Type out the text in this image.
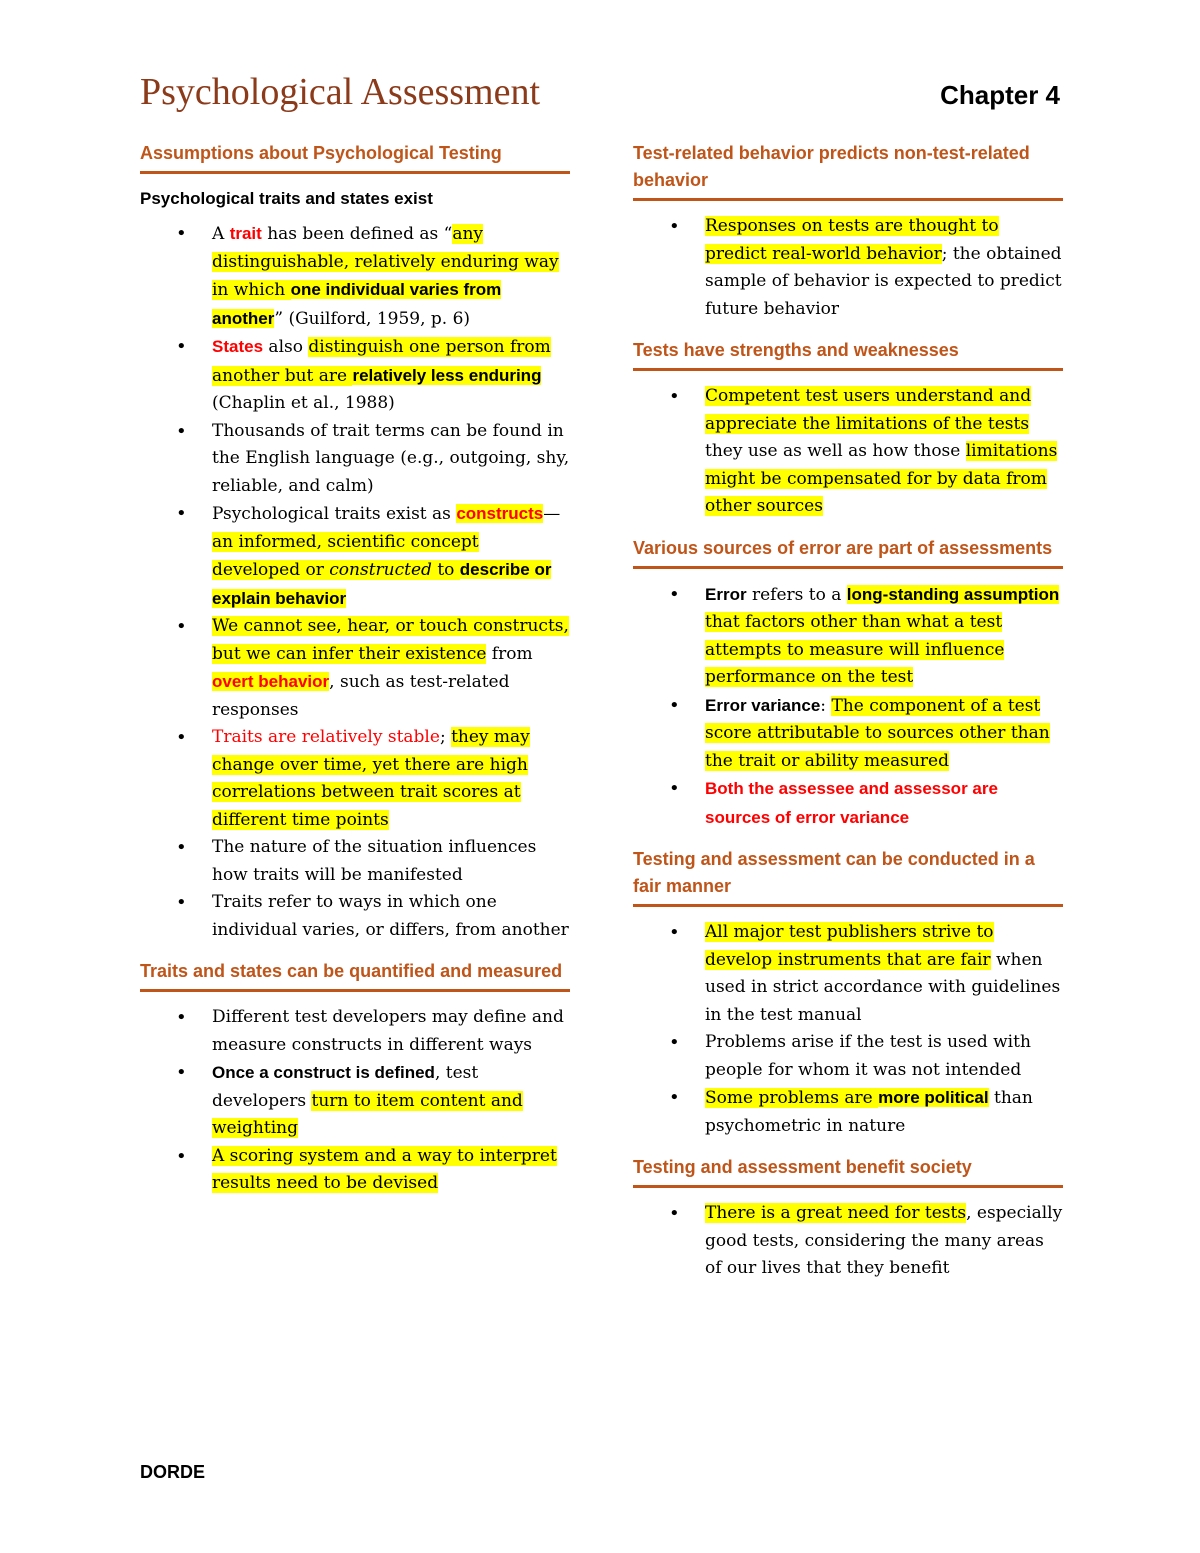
Psychological Assessment	Chapter 4
Assumptions about Psychological Testing
Psychological traits and states exist
• A trait has been defined as “any distinguishable, relatively enduring way in which one individual varies from another” (Guilford, 1959, p. 6)
• States also distinguish one person from another but are relatively less enduring (Chaplin et al., 1988)
• Thousands of trait terms can be found in the English language (e.g., outgoing, shy, reliable, and calm)
• Psychological traits exist as constructs—an informed, scientific concept developed or constructed to describe or explain behavior
• We cannot see, hear, or touch constructs, but we can infer their existence from overt behavior, such as test-related responses
• Traits are relatively stable; they may change over time, yet there are high correlations between trait scores at different time points
• The nature of the situation influences how traits will be manifested
• Traits refer to ways in which one individual varies, or differs, from another
Traits and states can be quantified and measured
• Different test developers may define and measure constructs in different ways
• Once a construct is defined, test developers turn to item content and weighting
• A scoring system and a way to interpret results need to be devised
Test-related behavior predicts non-test-related behavior
• Responses on tests are thought to predict real-world behavior; the obtained sample of behavior is expected to predict future behavior
Tests have strengths and weaknesses
• Competent test users understand and appreciate the limitations of the tests they use as well as how those limitations might be compensated for by data from other sources
Various sources of error are part of assessments
• Error refers to a long-standing assumption that factors other than what a test attempts to measure will influence performance on the test
• Error variance: The component of a test score attributable to sources other than the trait or ability measured
• Both the assessee and assessor are sources of error variance
Testing and assessment can be conducted in a fair manner
• All major test publishers strive to develop instruments that are fair when used in strict accordance with guidelines in the test manual
• Problems arise if the test is used with people for whom it was not intended
• Some problems are more political than psychometric in nature
Testing and assessment benefit society
• There is a great need for tests, especially good tests, considering the many areas of our lives that they benefit
DORDE
